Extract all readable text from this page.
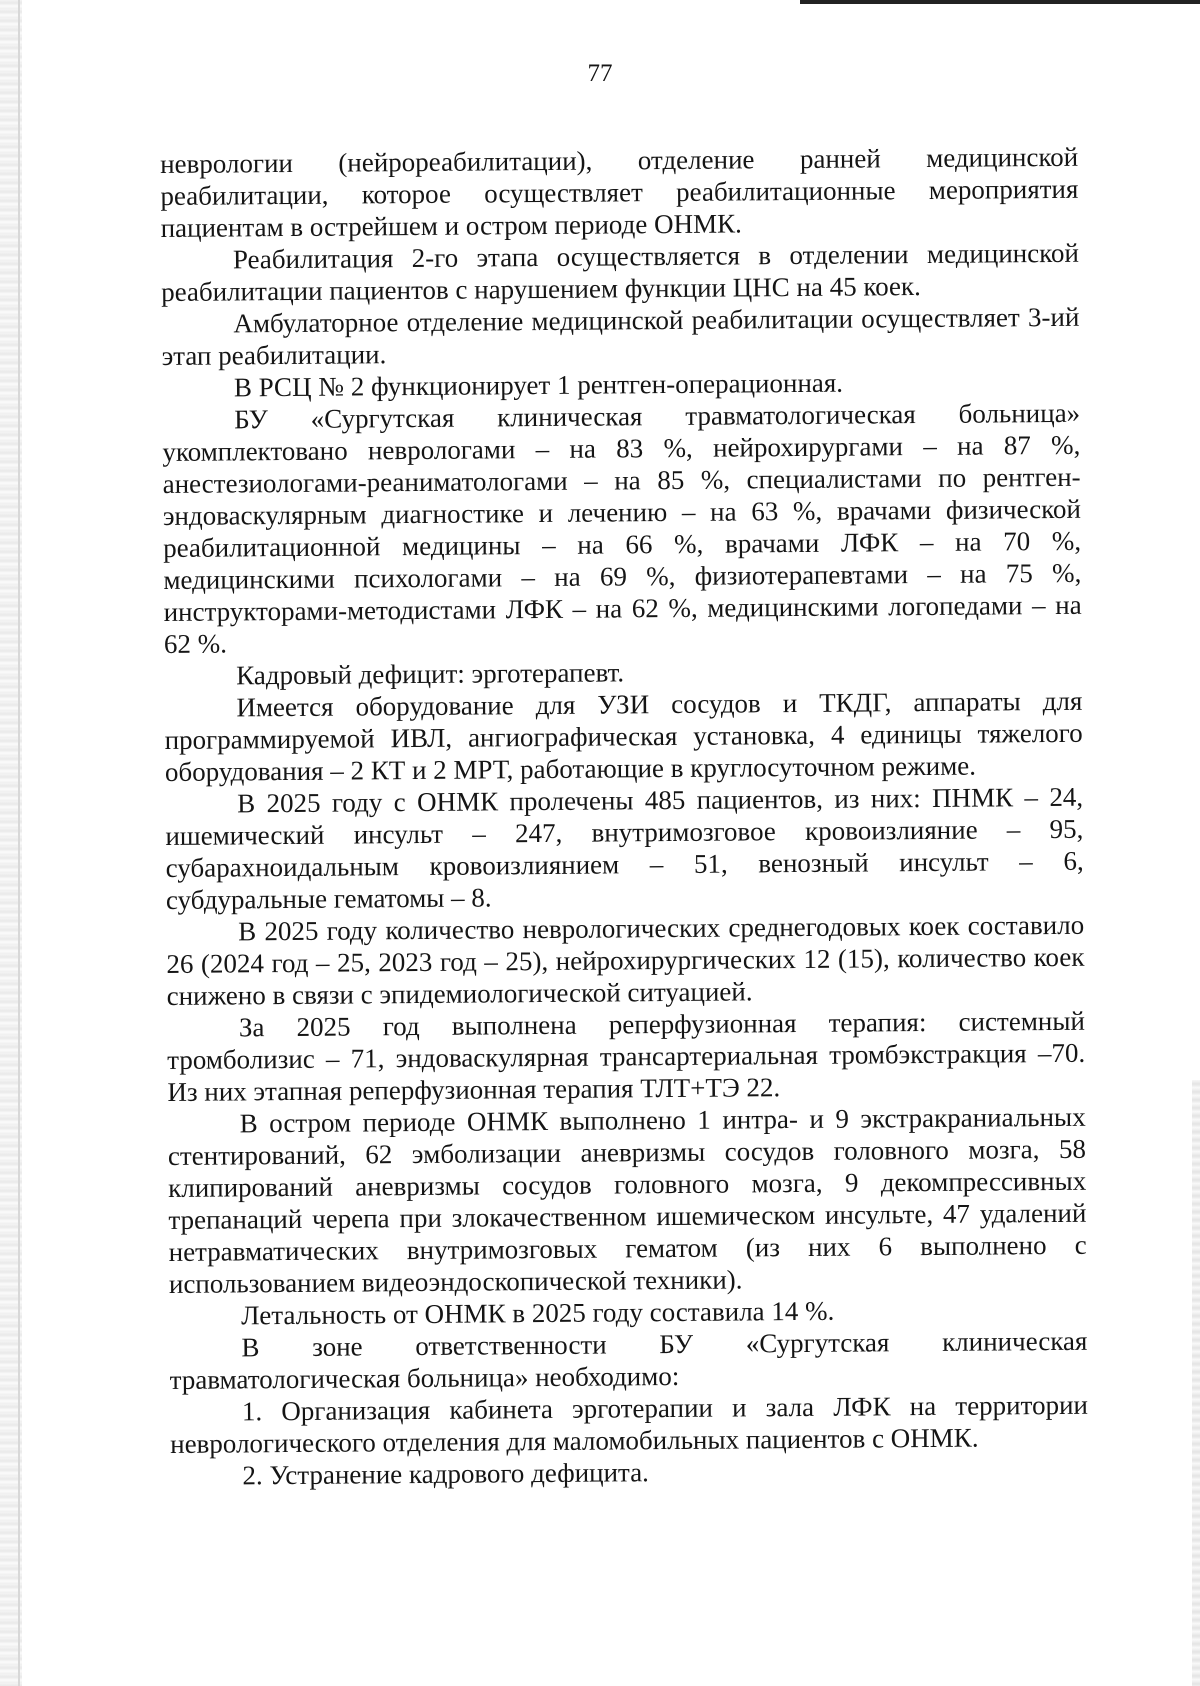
77

неврологии (нейрореабилитации), отделение ранней медицинской реабилитации, которое осуществляет реабилитационные мероприятия пациентам в острейшем и остром периоде ОНМК.

Реабилитация 2-го этапа осуществляется в отделении медицинской реабилитации пациентов с нарушением функции ЦНС на 45 коек.

Амбулаторное отделение медицинской реабилитации осуществляет 3-ий этап реабилитации.

В РСЦ № 2 функционирует 1 рентген-операционная.

БУ «Сургутская клиническая травматологическая больница» укомплектовано неврологами – на 83 %, нейрохирургами – на 87 %, анестезиологами-реаниматологами – на 85 %, специалистами по рентген-эндоваскулярным диагностике и лечению – на 63 %, врачами физической реабилитационной медицины – на 66 %, врачами ЛФК – на 70 %, медицинскими психологами – на 69 %, физиотерапевтами – на 75 %, инструкторами-методистами ЛФК – на 62 %, медицинскими логопедами – на 62 %.

Кадровый дефицит: эрготерапевт.

Имеется оборудование для УЗИ сосудов и ТКДГ, аппараты для программируемой ИВЛ, ангиографическая установка, 4 единицы тяжелого оборудования – 2 КТ и 2 МРТ, работающие в круглосуточном режиме.

В 2025 году с ОНМК пролечены 485 пациентов, из них: ПНМК – 24, ишемический инсульт – 247, внутримозговое кровоизлияние – 95, субарахноидальным кровоизлиянием – 51, венозный инсульт – 6, субдуральные гематомы – 8.

В 2025 году количество неврологических среднегодовых коек составило 26 (2024 год – 25, 2023 год – 25), нейрохирургических 12 (15), количество коек снижено в связи с эпидемиологической ситуацией.

За 2025 год выполнена реперфузионная терапия: системный тромболизис – 71, эндоваскулярная трансартериальная тромбэкстракция –70. Из них этапная реперфузионная терапия ТЛТ+ТЭ 22.

В остром периоде ОНМК выполнено 1 интра- и 9 экстракраниальных стентирований, 62 эмболизации аневризмы сосудов головного мозга, 58 клипирований аневризмы сосудов головного мозга, 9 декомпрессивных трепанаций черепа при злокачественном ишемическом инсульте, 47 удалений нетравматических внутримозговых гематом (из них 6 выполнено с использованием видеоэндоскопической техники).

Летальность от ОНМК в 2025 году составила 14 %.

В зоне ответственности БУ «Сургутская клиническая травматологическая больница» необходимо:

1. Организация кабинета эрготерапии и зала ЛФК на территории неврологического отделения для маломобильных пациентов с ОНМК.

2. Устранение кадрового дефицита.
